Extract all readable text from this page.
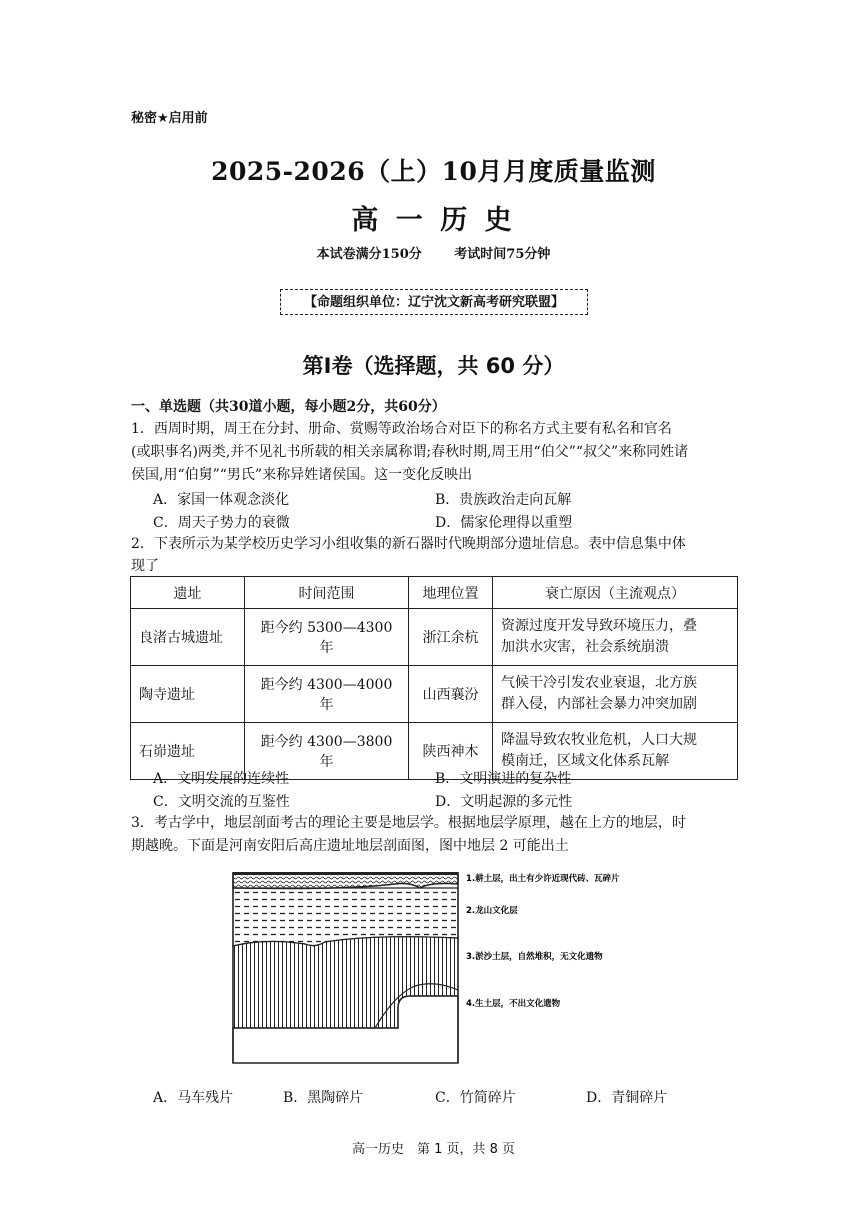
秘密★启用前
2025-2026（上）10月月度质量监测
高 一 历 史
本试卷满分150分	考试时间75分钟
【命题组织单位：辽宁沈文新高考研究联盟】
第Ⅰ卷（选择题，共 60 分）
一、单选题（共30道小题，每小题2分，共60分）
1．西周时期，周王在分封、册命、赏赐等政治场合对臣下的称名方式主要有私名和官名
(或职事名)两类,并不见礼书所载的相关亲属称谓;春秋时期,周王用“伯父”“叔父”来称同姓诸
侯国,用“伯舅”“男氏”来称异姓诸侯国。这一变化反映出
A．家国一体观念淡化	B．贵族政治走向瓦解
C．周天子势力的衰微	D．儒家伦理得以重塑
2．下表所示为某学校历史学习小组收集的新石器时代晚期部分遗址信息。表中信息集中体
现了
遗址	时间范围	地理位置	衰亡原因（主流观点）
良渚古城遗址	距今约 5300—4300 年	浙江余杭	资源过度开发导致环境压力，叠
加洪水灾害，社会系统崩溃

陶寺遗址	距今约 4300—4000 年	山西襄汾	气候干冷引发农业衰退，北方族
群入侵，内部社会暴力冲突加剧

石峁遗址	距今约 4300—3800 年	陕西神木	降温导致农牧业危机，人口大规
模南迁，区域文化体系瓦解
A．文明发展的连续性	B．文明演进的复杂性
C．文明交流的互鉴性	D．文明起源的多元性
3．考古学中，地层剖面考古的理论主要是地层学。根据地层学原理，越在上方的地层，时
期越晚。下面是河南安阳后高庄遗址地层剖面图，图中地层 2 可能出土
1.耕土层，出土有少许近现代砖、瓦碎片
2.龙山文化层
3.淤沙土层，自然堆积，无文化遗物
4.生土层，不出文化遗物
A．马车残片	B．黑陶碎片	C．竹简碎片	D．青铜碎片
高一历史　第 1 页，共 8 页
